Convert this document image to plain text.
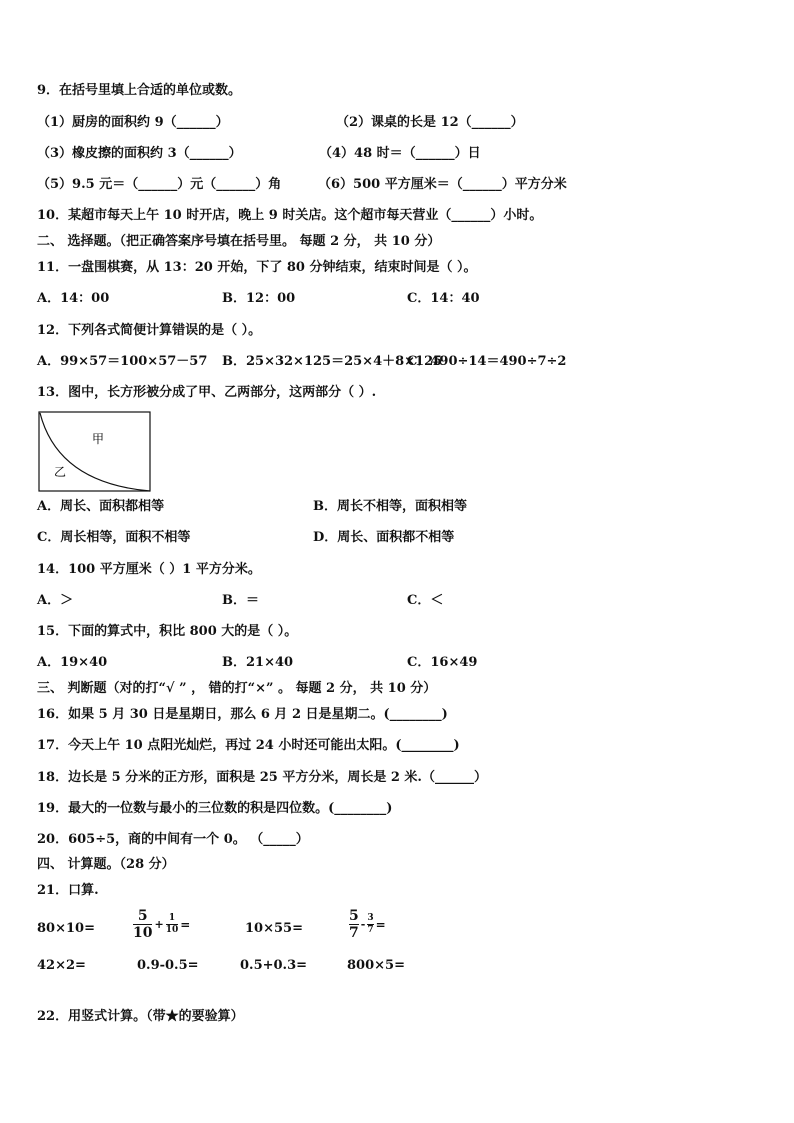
9．在括号里填上合适的单位或数。
（1）厨房的面积约 9（______）	（2）课桌的长是 12（______）
（3）橡皮擦的面积约 3（______）	（4）48 时＝（______）日
（5）9.5 元＝（______）元（______）角	（6）500 平方厘米＝（______）平方分米
10．某超市每天上午 10 时开店，晚上 9 时关店。这个超市每天营业（______）小时。
二、 选择题。（把正确答案序号填在括号里。 每题 2 分， 共 10 分）
11．一盘围棋赛，从 13：20 开始，下了 80 分钟结束，结束时间是（ ）。
A．14：00	B．12：00	C．14：40
12．下列各式简便计算错误的是（ ）。
A．99×57＝100×57－57 B．25×32×125＝25×4＋8×125
C．490÷14＝490÷7÷2
13．图中，长方形被分成了甲、乙两部分，这两部分（ ）.
甲
乙
A．周长、面积都相等	B．周长不相等，面积相等
C．周长相等，面积不相等	D．周长、面积都不相等
14．100 平方厘米（ ）1 平方分米。
A．＞	B．＝	C．＜
15．下面的算式中，积比 800 大的是（ ）。
A．19×40	B．21×40	C．16×49
三、 判断题（对的打“√ ” ， 错的打“×” 。 每题 2 分， 共 10 分）
16．如果 5 月 30 日是星期日，那么 6 月 2 日是星期二。(________)
17．今天上午 10 点阳光灿烂，再过 24 小时还可能出太阳。(________)
18．边长是 5 分米的正方形，面积是 25 平方分米，周长是 2 米.（______）
19．最大的一位数与最小的三位数的积是四位数。(________)
20．605÷5，商的中间有一个 0。 （_____）
四、 计算题。（28 分）
21．口算.
80×10=	$\frac{5}{10} + \frac{1}{10}$ =	10×55=	$\frac{5}{7} - \frac{3}{7}$ =
42×2=	0.9-0.5=	0.5+0.3=	800×5=
22．用竖式计算。（带★的要验算）
